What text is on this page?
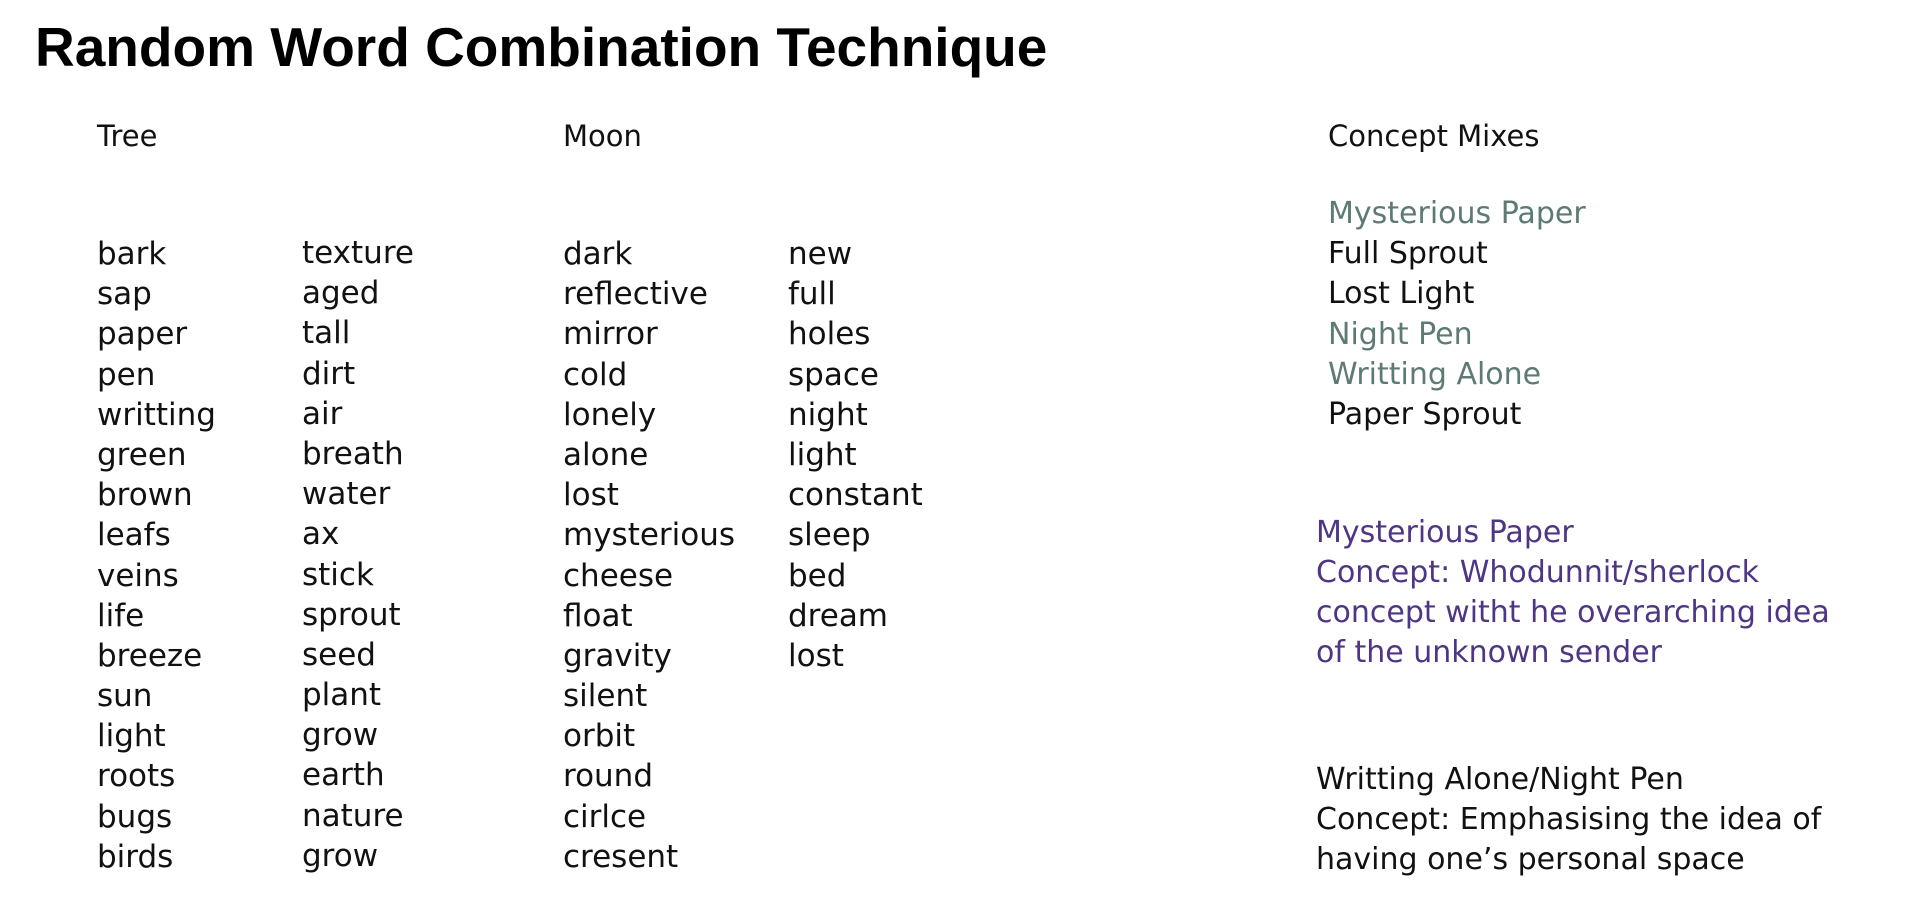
Random Word Combination Technique
Tree	Moon	Concept Mixes
bark
sap
paper
pen
writting
green
brown
leafs
veins
life
breeze
sun
light
roots
bugs
birds
texture
aged
tall
dirt
air
breath
water
ax
stick
sprout
seed
plant
grow
earth
nature
grow
dark
reflective
mirror
cold
lonely
alone
lost
mysterious
cheese
float
gravity
silent
orbit
round
cirlce
cresent
new
full
holes
space
night
light
constant
sleep
bed
dream
lost
Mysterious Paper
Full Sprout
Lost Light
Night Pen
Writting Alone
Paper Sprout
Mysterious Paper
Concept: Whodunnit/sherlock
concept witht he overarching idea
of the unknown sender
Writting Alone/Night Pen
Concept: Emphasising the idea of
having one’s personal space
